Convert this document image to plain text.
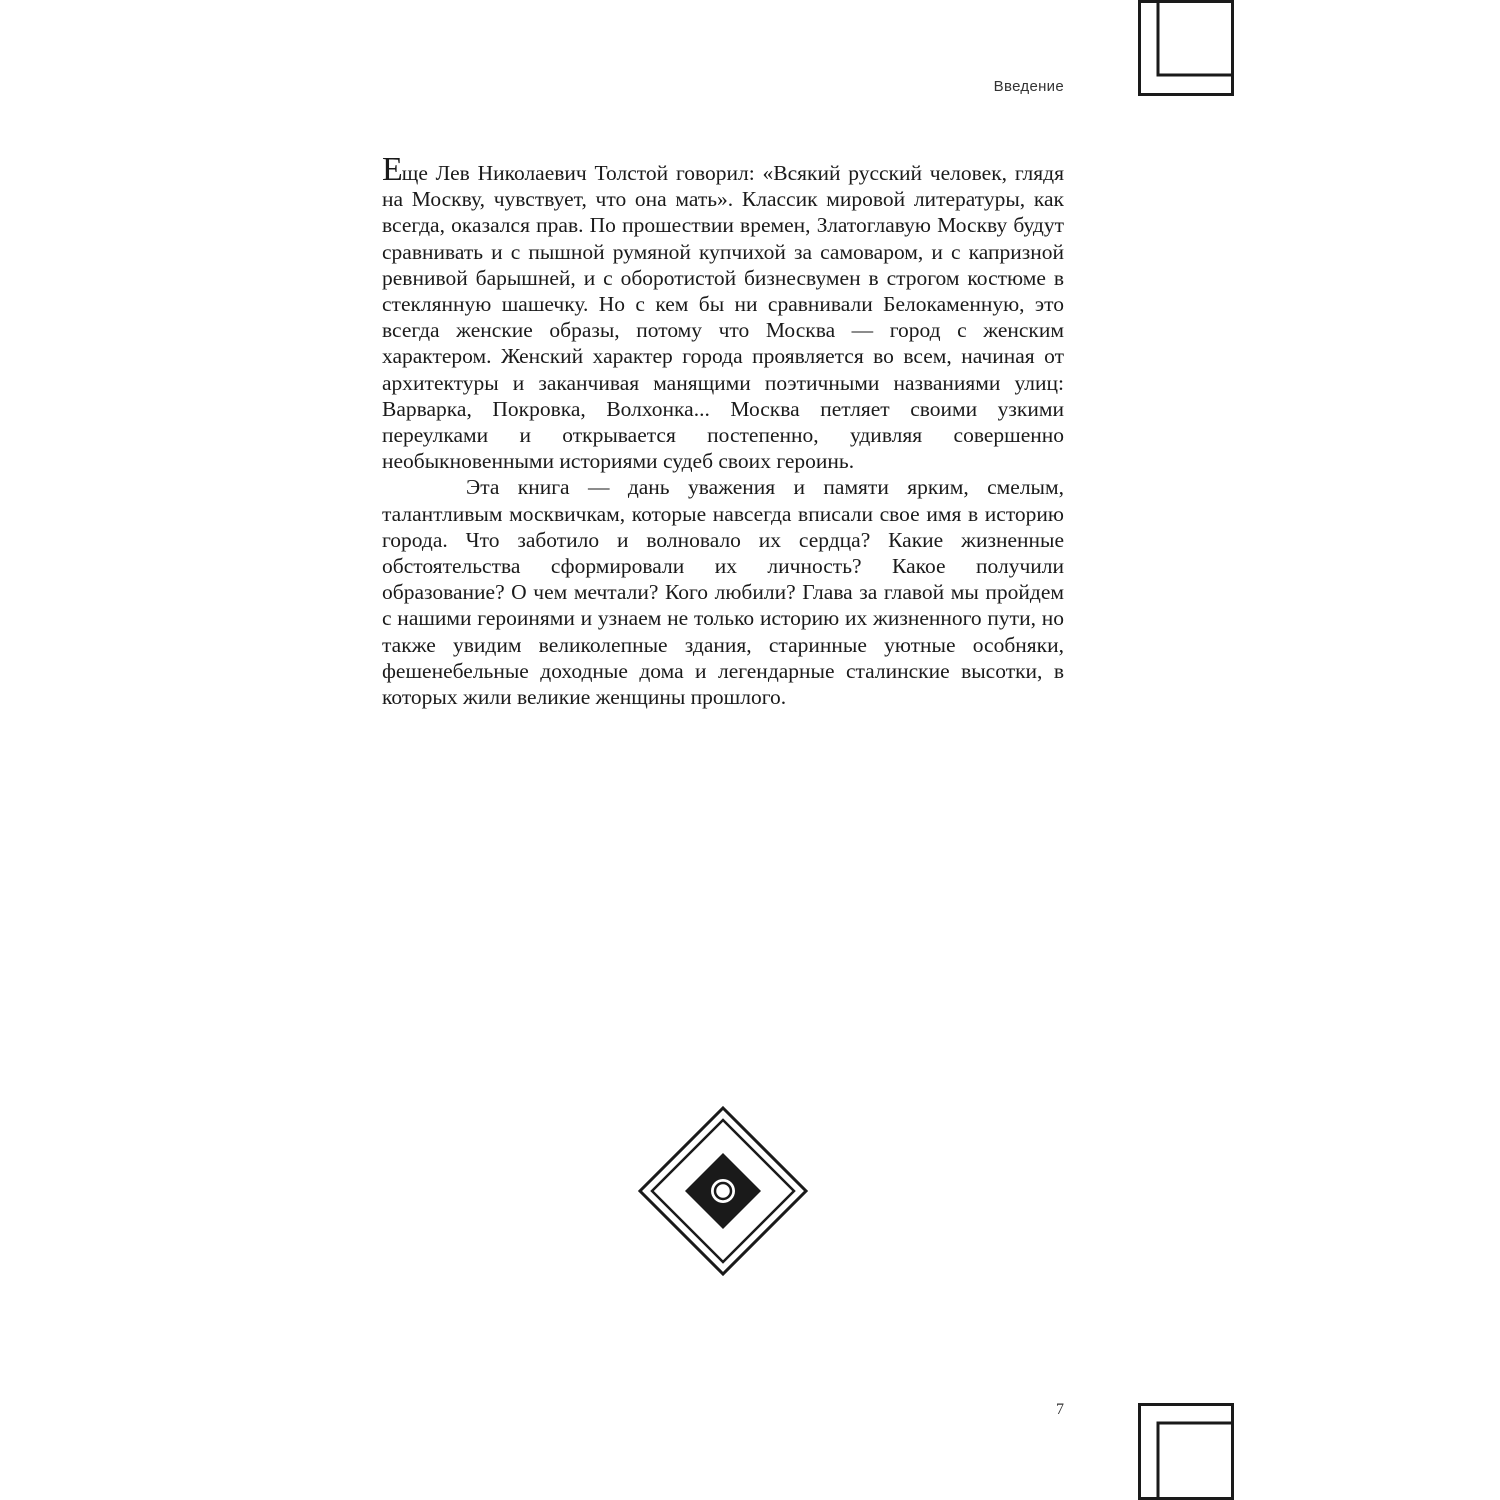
Введение

Еще Лев Николаевич Толстой говорил: «Всякий русский человек, глядя на Москву, чувствует, что она мать». Классик мировой литературы, как всегда, оказался прав. По прошествии времен, Златоглавую Москву будут сравнивать и с пышной румяной купчихой за самоваром, и с капризной ревнивой барышней, и с оборотистой бизнесвумен в строгом костюме в стеклянную шашечку. Но с кем бы ни сравнивали Белокаменную, это всегда женские образы, потому что Москва — город с женским характером. Женский характер города проявляется во всем, начиная от архитектуры и заканчивая манящими поэтичными названиями улиц: Варварка, Покровка, Волхонка... Москва петляет своими узкими переулками и открывается постепенно, удивляя совершенно необыкновенными историями судеб своих героинь.

Эта книга — дань уважения и памяти ярким, смелым, талантливым москвичкам, которые навсегда вписали свое имя в историю города. Что заботило и волновало их сердца? Какие жизненные обстоятельства сформировали их личность? Какое получили образование? О чем мечтали? Кого любили? Глава за главой мы пройдем с нашими героинями и узнаем не только историю их жизненного пути, но также увидим великолепные здания, старинные уютные особняки, фешенебельные доходные дома и легендарные сталинские высотки, в которых жили великие женщины прошлого.

7
